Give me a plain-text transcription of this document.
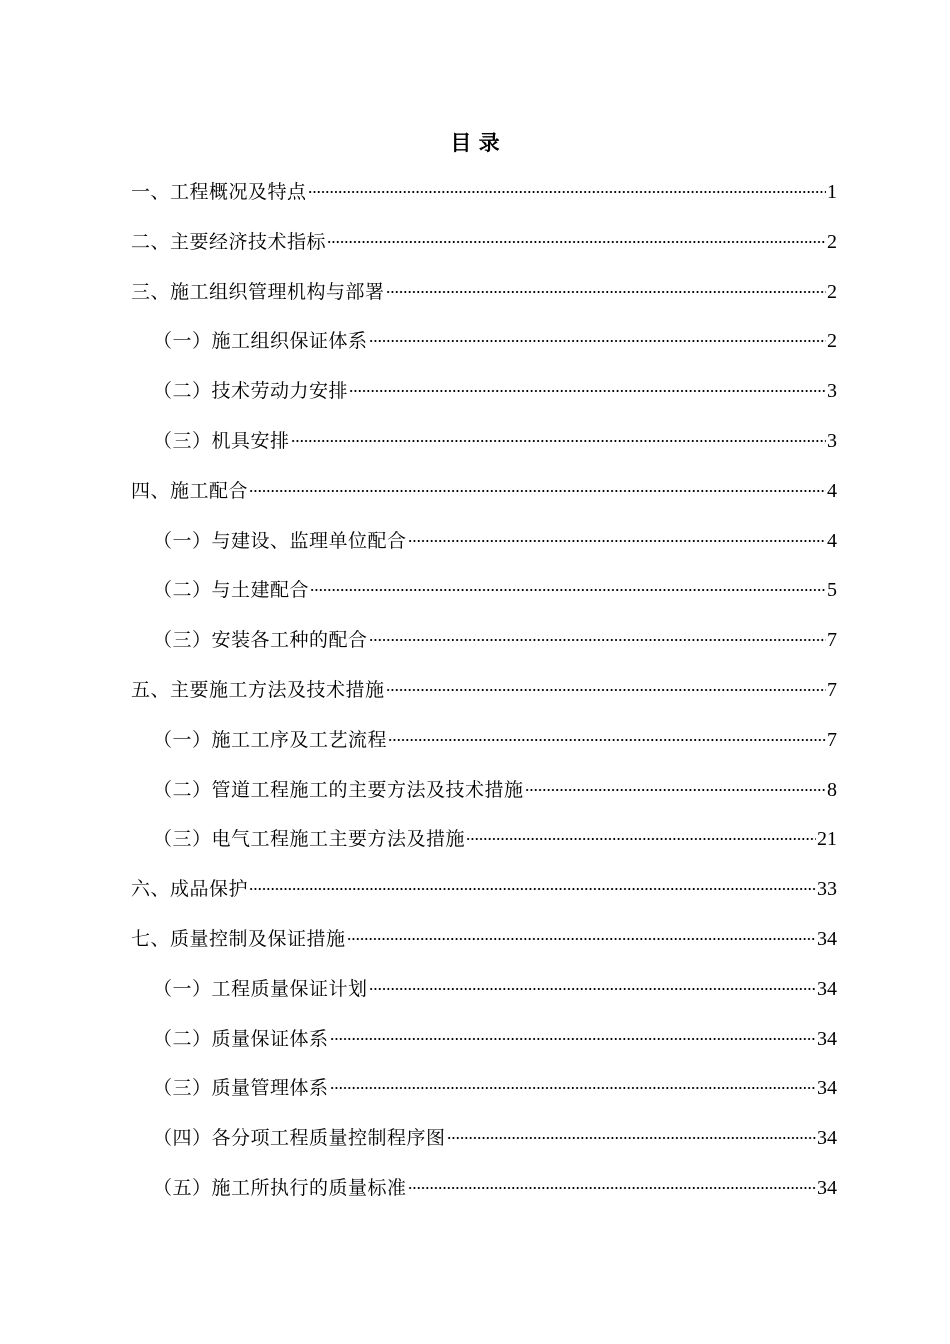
目 录
一、工程概况及特点	1
二、主要经济技术指标	2
三、施工组织管理机构与部署	2
（一）施工组织保证体系	2
（二）技术劳动力安排	3
（三）机具安排	3
四、施工配合	4
（一）与建设、监理单位配合	4
（二）与土建配合	5
（三）安装各工种的配合	7
五、主要施工方法及技术措施	7
（一）施工工序及工艺流程	7
（二）管道工程施工的主要方法及技术措施	8
（三）电气工程施工主要方法及措施	21
六、成品保护	33
七、质量控制及保证措施	34
（一）工程质量保证计划	34
（二）质量保证体系	34
（三）质量管理体系	34
（四）各分项工程质量控制程序图	34
（五）施工所执行的质量标准	34
